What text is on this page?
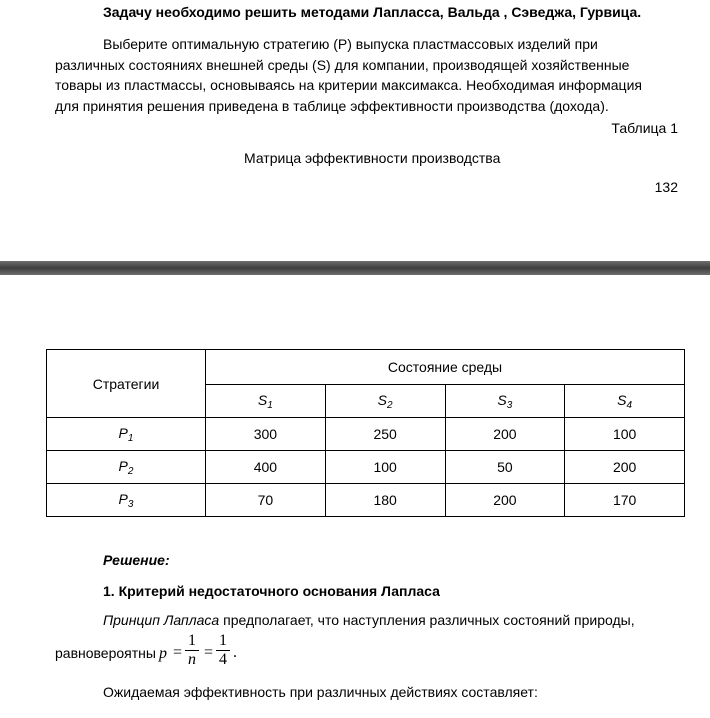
Задачу необходимо решить методами Лапласса, Вальда , Сэведжа, Гурвица.
Выберите оптимальную стратегию (Р) выпуска пластмассовых изделий при различных состояниях внешней среды (S) для компании, производящей хозяйственные товары из пластмассы, основываясь на критерии максимакса. Необходимая информация для принятия решения приведена в таблице эффективности производства (дохода).
Таблица 1
Матрица эффективности производства
132
Стратегии	Состояние среды			
	$S_1$	$S_2$	$S_3$	$S_4$
$P_1$	300	250	200	100
$P_2$	400	100	50	200
$P_3$	70	180	200	170
Решение:
1. Критерий недостаточного основания Лапласа
Принцип Лапласа предполагает, что наступления различных состояний природы,
равновероятны p =
1
n =
1
4 .
Ожидаемая эффективность при различных действиях составляет:
